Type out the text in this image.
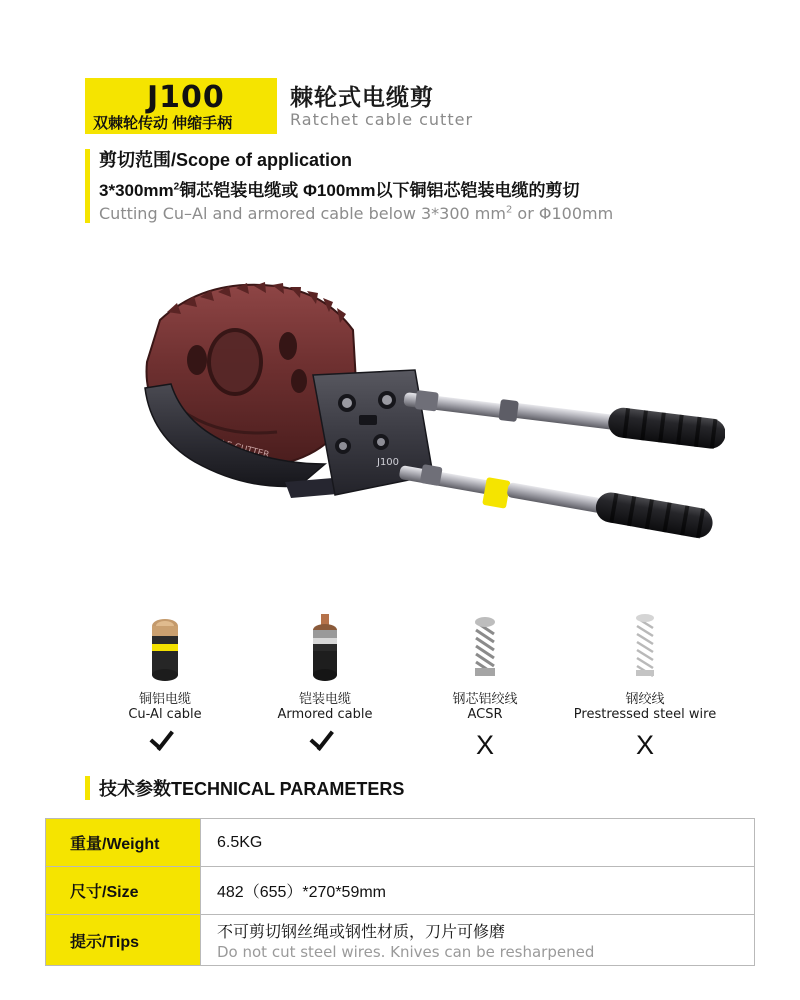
J100
双棘轮传动 伸缩手柄
棘轮式电缆剪
Ratchet cable cutter
剪切范围/Scope of application
$3*300mm^2$铜芯铠装电缆或 Φ100mm以下铜铝芯铠装电缆的剪切
Cutting Cu–Al and armored cable below 3*300 $mm^2$ or Φ100mm
J100
铜铝电缆
Cu-Al cable
铠装电缆
Armored cable
钢芯铝绞线
ACSR
X
钢绞线
Prestressed steel wire
X
技术参数TECHNICAL PARAMETERS
重量/Weight	6.5KG

尺寸/Size	482（655）*270*59mm

提示/Tips	不可剪切钢丝绳或钢性材质，刀片可修磨
Do not cut steel wires. Knives can be resharpened
